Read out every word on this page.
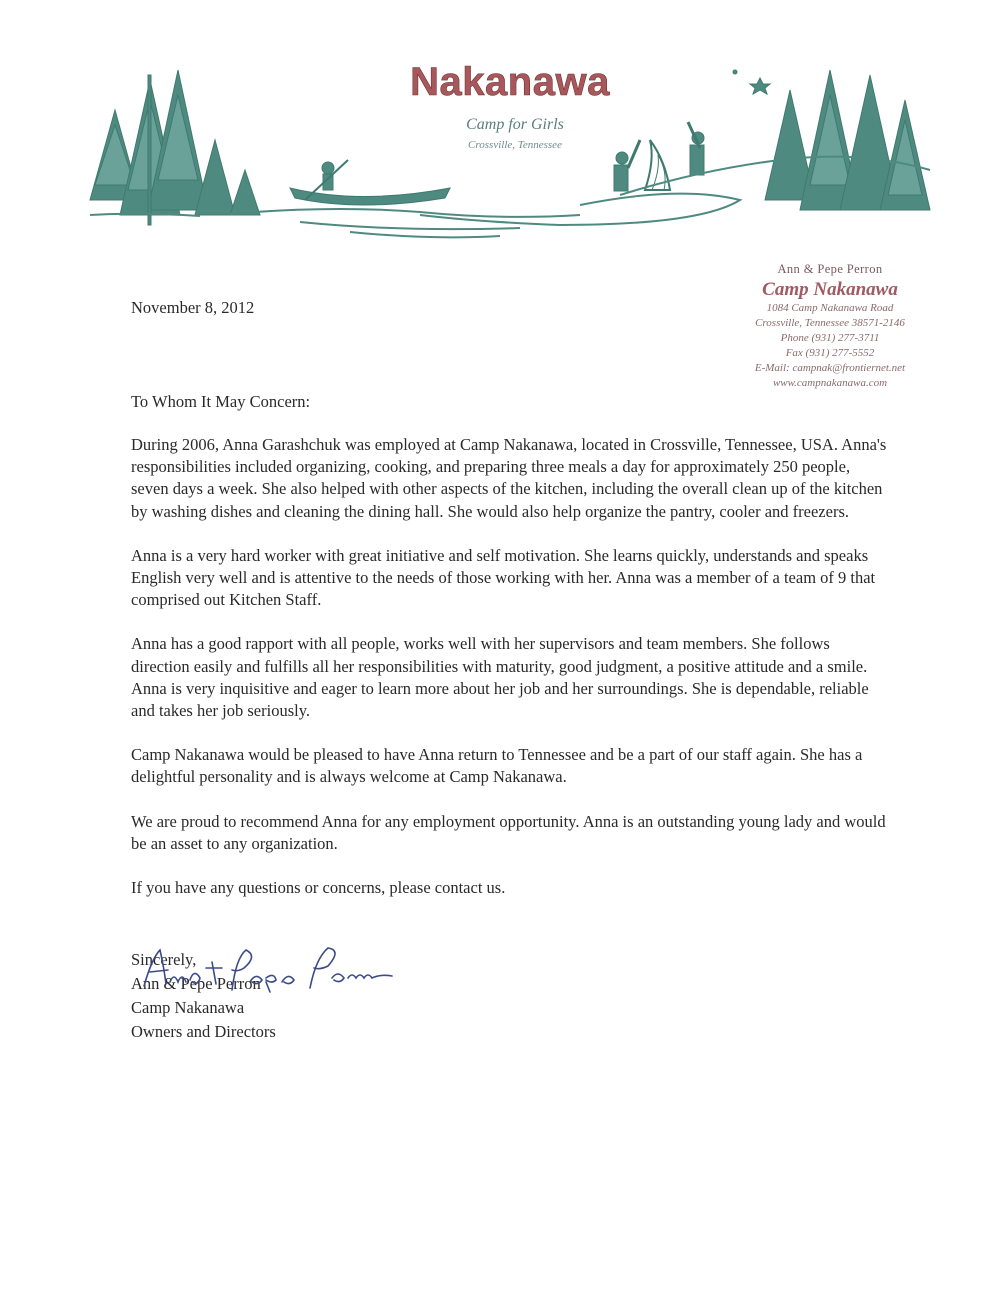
Nakanawa
Camp for Girls
Crossville, Tennessee
Ann & Pepe Perron
Camp Nakanawa
1084 Camp Nakanawa Road
Crossville, Tennessee 38571-2146
Phone (931) 277-3711
Fax (931) 277-5552
E-Mail: campnak@frontiernet.net
www.campnakanawa.com
November 8, 2012
To Whom It May Concern:

During 2006, Anna Garashchuk was employed at Camp Nakanawa, located in Crossville, Tennessee, USA. Anna's responsibilities included organizing, cooking, and preparing three meals a day for approximately 250 people, seven days a week. She also helped with other aspects of the kitchen, including the overall clean up of the kitchen by washing dishes and cleaning the dining hall. She would also help organize the pantry, cooler and freezers.

Anna is a very hard worker with great initiative and self motivation. She learns quickly, understands and speaks English very well and is attentive to the needs of those working with her. Anna was a member of a team of 9 that comprised out Kitchen Staff.

Anna has a good rapport with all people, works well with her supervisors and team members. She follows direction easily and fulfills all her responsibilities with maturity, good judgment, a positive attitude and a smile. Anna is very inquisitive and eager to learn more about her job and her surroundings. She is dependable, reliable and takes her job seriously.

Camp Nakanawa would be pleased to have Anna return to Tennessee and be a part of our staff again. She has a delightful personality and is always welcome at Camp Nakanawa.

We are proud to recommend Anna for any employment opportunity. Anna is an outstanding young lady and would be an asset to any organization.

If you have any questions or concerns, please contact us.

Sincerely,
Ann & Pepe Perron
Camp Nakanawa
Owners and Directors
